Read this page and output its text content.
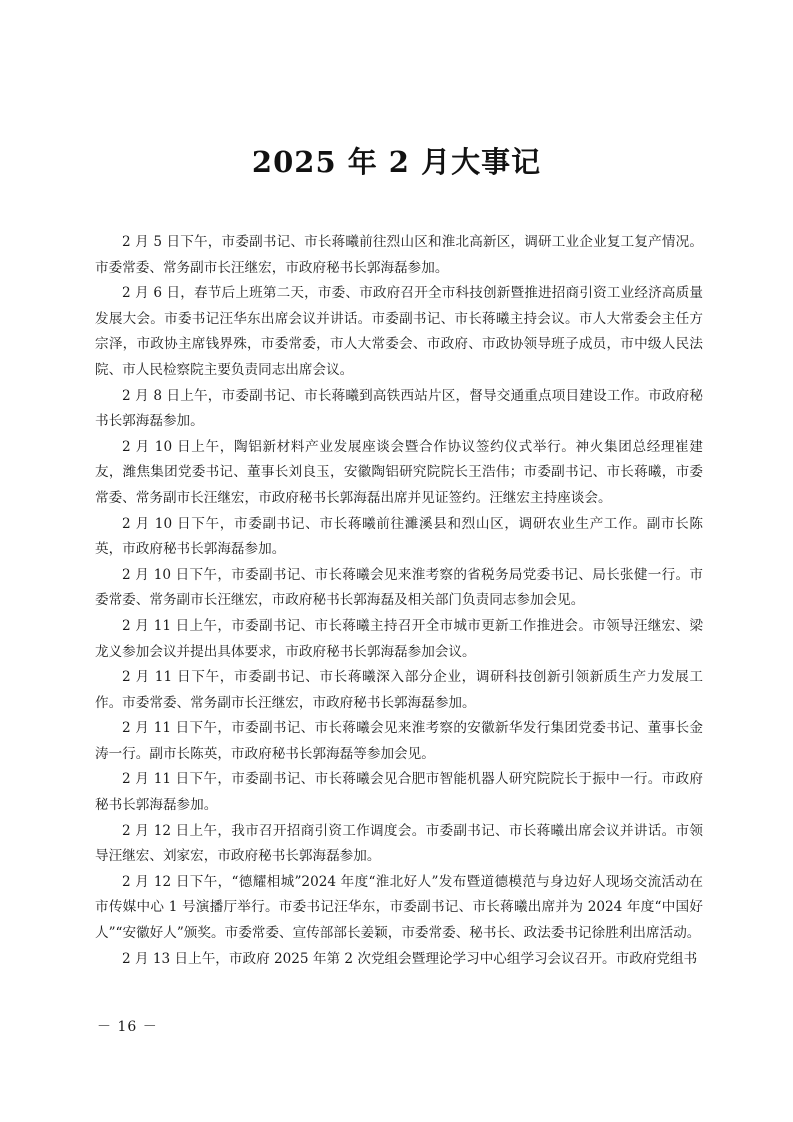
2025 年 2 月大事记

2 月 5 日下午，市委副书记、市长蒋曦前往烈山区和淮北高新区，调研工业企业复工复产情况。市委常委、常务副市长汪继宏，市政府秘书长郭海磊参加。

2 月 6 日，春节后上班第二天，市委、市政府召开全市科技创新暨推进招商引资工业经济高质量发展大会。市委书记汪华东出席会议并讲话。市委副书记、市长蒋曦主持会议。市人大常委会主任方宗泽，市政协主席钱界殊，市委常委，市人大常委会、市政府、市政协领导班子成员，市中级人民法院、市人民检察院主要负责同志出席会议。

2 月 8 日上午，市委副书记、市长蒋曦到高铁西站片区，督导交通重点项目建设工作。市政府秘书长郭海磊参加。

2 月 10 日上午，陶铝新材料产业发展座谈会暨合作协议签约仪式举行。神火集团总经理崔建友，潍焦集团党委书记、董事长刘良玉，安徽陶铝研究院院长王浩伟；市委副书记、市长蒋曦，市委常委、常务副市长汪继宏，市政府秘书长郭海磊出席并见证签约。汪继宏主持座谈会。

2 月 10 日下午，市委副书记、市长蒋曦前往濉溪县和烈山区，调研农业生产工作。副市长陈英，市政府秘书长郭海磊参加。

2 月 10 日下午，市委副书记、市长蒋曦会见来淮考察的省税务局党委书记、局长张健一行。市委常委、常务副市长汪继宏，市政府秘书长郭海磊及相关部门负责同志参加会见。

2 月 11 日上午，市委副书记、市长蒋曦主持召开全市城市更新工作推进会。市领导汪继宏、梁龙义参加会议并提出具体要求，市政府秘书长郭海磊参加会议。

2 月 11 日下午，市委副书记、市长蒋曦深入部分企业，调研科技创新引领新质生产力发展工作。市委常委、常务副市长汪继宏，市政府秘书长郭海磊参加。

2 月 11 日下午，市委副书记、市长蒋曦会见来淮考察的安徽新华发行集团党委书记、董事长金涛一行。副市长陈英，市政府秘书长郭海磊等参加会见。

2 月 11 日下午，市委副书记、市长蒋曦会见合肥市智能机器人研究院院长于振中一行。市政府秘书长郭海磊参加。

2 月 12 日上午，我市召开招商引资工作调度会。市委副书记、市长蒋曦出席会议并讲话。市领导汪继宏、刘家宏，市政府秘书长郭海磊参加。

2 月 12 日下午，“德耀相城”2024 年度“淮北好人”发布暨道德模范与身边好人现场交流活动在市传媒中心 1 号演播厅举行。市委书记汪华东，市委副书记、市长蒋曦出席并为 2024 年度“中国好人”“安徽好人”颁奖。市委常委、宣传部部长姜颖，市委常委、秘书长、政法委书记徐胜利出席活动。

2 月 13 日上午，市政府 2025 年第 2 次党组会暨理论学习中心组学习会议召开。市政府党组书

－ 16 －
